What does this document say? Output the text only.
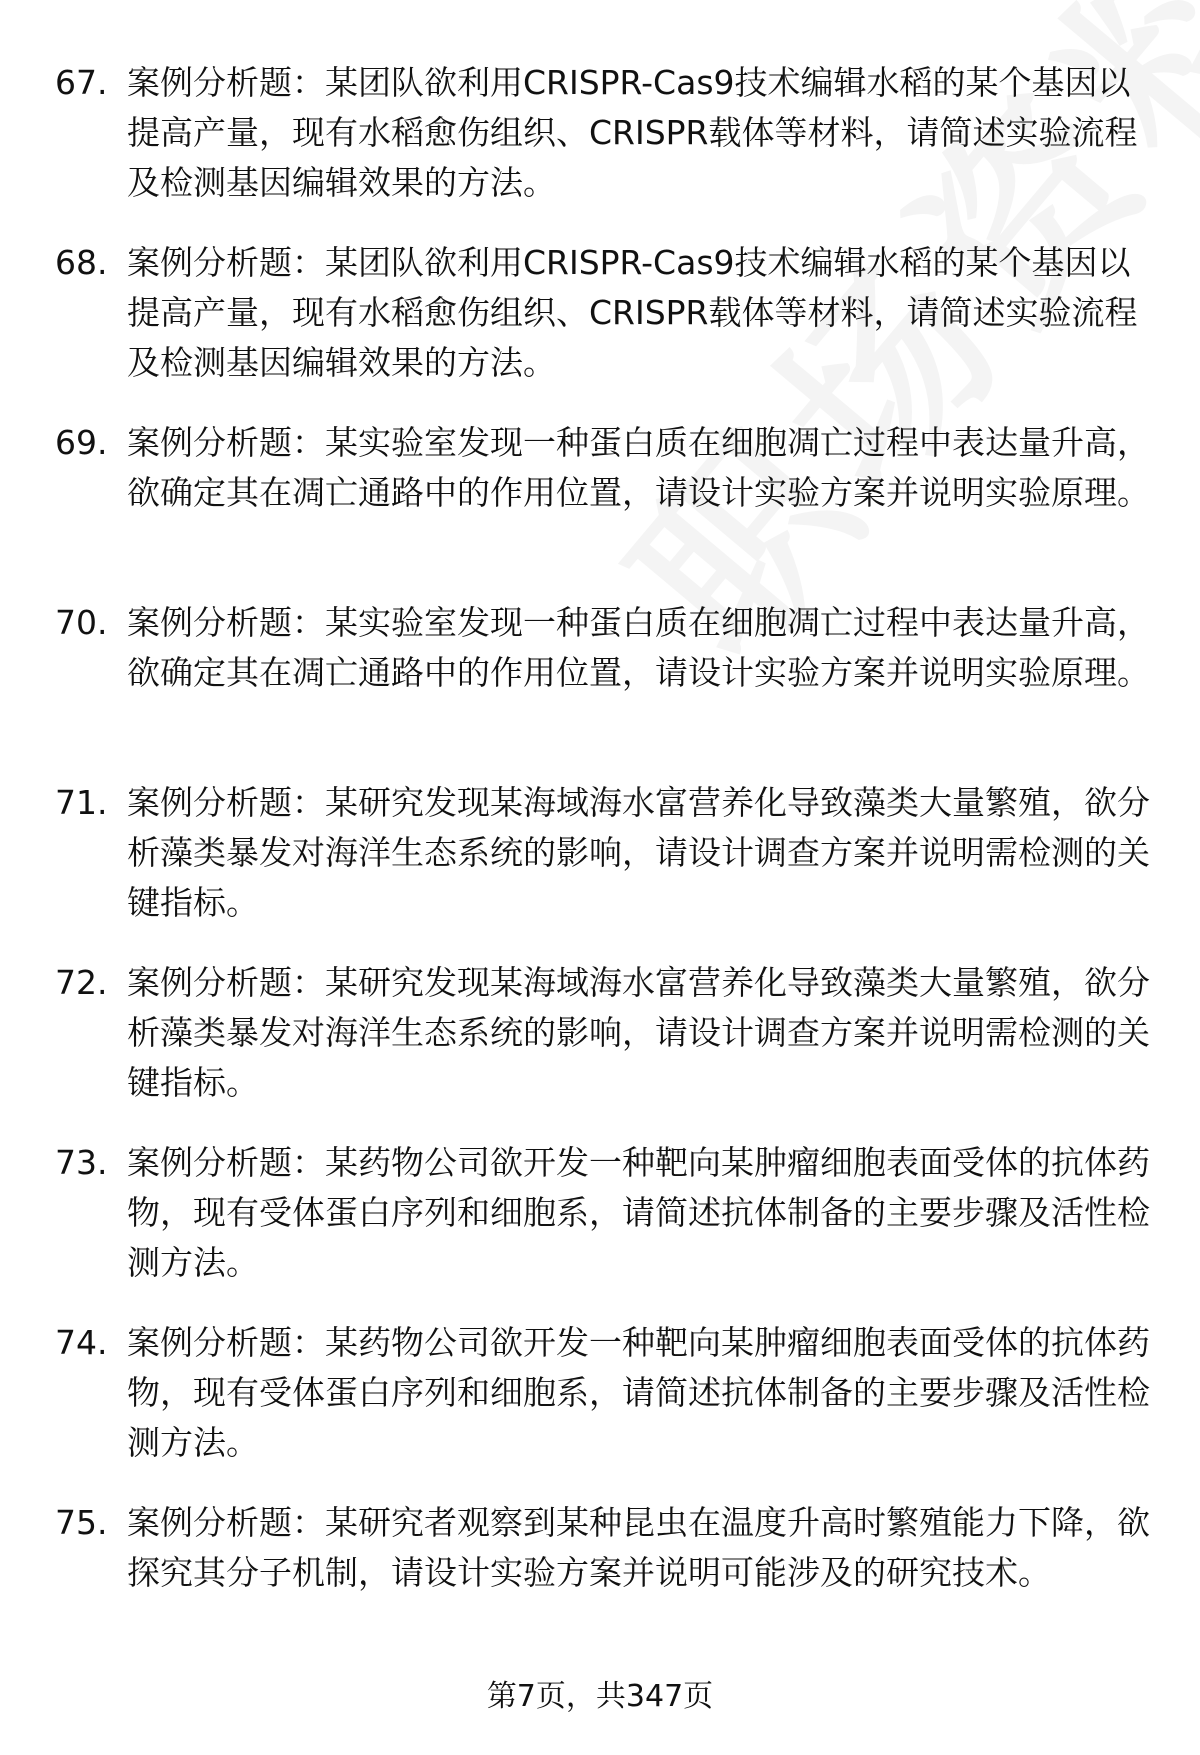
67. 案例分析题：某团队欲利用CRISPR-Cas9技术编辑水稻的某个基因以提高产量，现有水稻愈伤组织、CRISPR载体等材料，请简述实验流程及检测基因编辑效果的方法。
68. 案例分析题：某团队欲利用CRISPR-Cas9技术编辑水稻的某个基因以提高产量，现有水稻愈伤组织、CRISPR载体等材料，请简述实验流程及检测基因编辑效果的方法。
69. 案例分析题：某实验室发现一种蛋白质在细胞凋亡过程中表达量升高，欲确定其在凋亡通路中的作用位置，请设计实验方案并说明实验原理。
70. 案例分析题：某实验室发现一种蛋白质在细胞凋亡过程中表达量升高，欲确定其在凋亡通路中的作用位置，请设计实验方案并说明实验原理。
71. 案例分析题：某研究发现某海域海水富营养化导致藻类大量繁殖，欲分析藻类暴发对海洋生态系统的影响，请设计调查方案并说明需检测的关键指标。
72. 案例分析题：某研究发现某海域海水富营养化导致藻类大量繁殖，欲分析藻类暴发对海洋生态系统的影响，请设计调查方案并说明需检测的关键指标。
73. 案例分析题：某药物公司欲开发一种靶向某肿瘤细胞表面受体的抗体药物，现有受体蛋白序列和细胞系，请简述抗体制备的主要步骤及活性检测方法。
74. 案例分析题：某药物公司欲开发一种靶向某肿瘤细胞表面受体的抗体药物，现有受体蛋白序列和细胞系，请简述抗体制备的主要步骤及活性检测方法。
75. 案例分析题：某研究者观察到某种昆虫在温度升高时繁殖能力下降，欲探究其分子机制，请设计实验方案并说明可能涉及的研究技术。
第7页，共347页
